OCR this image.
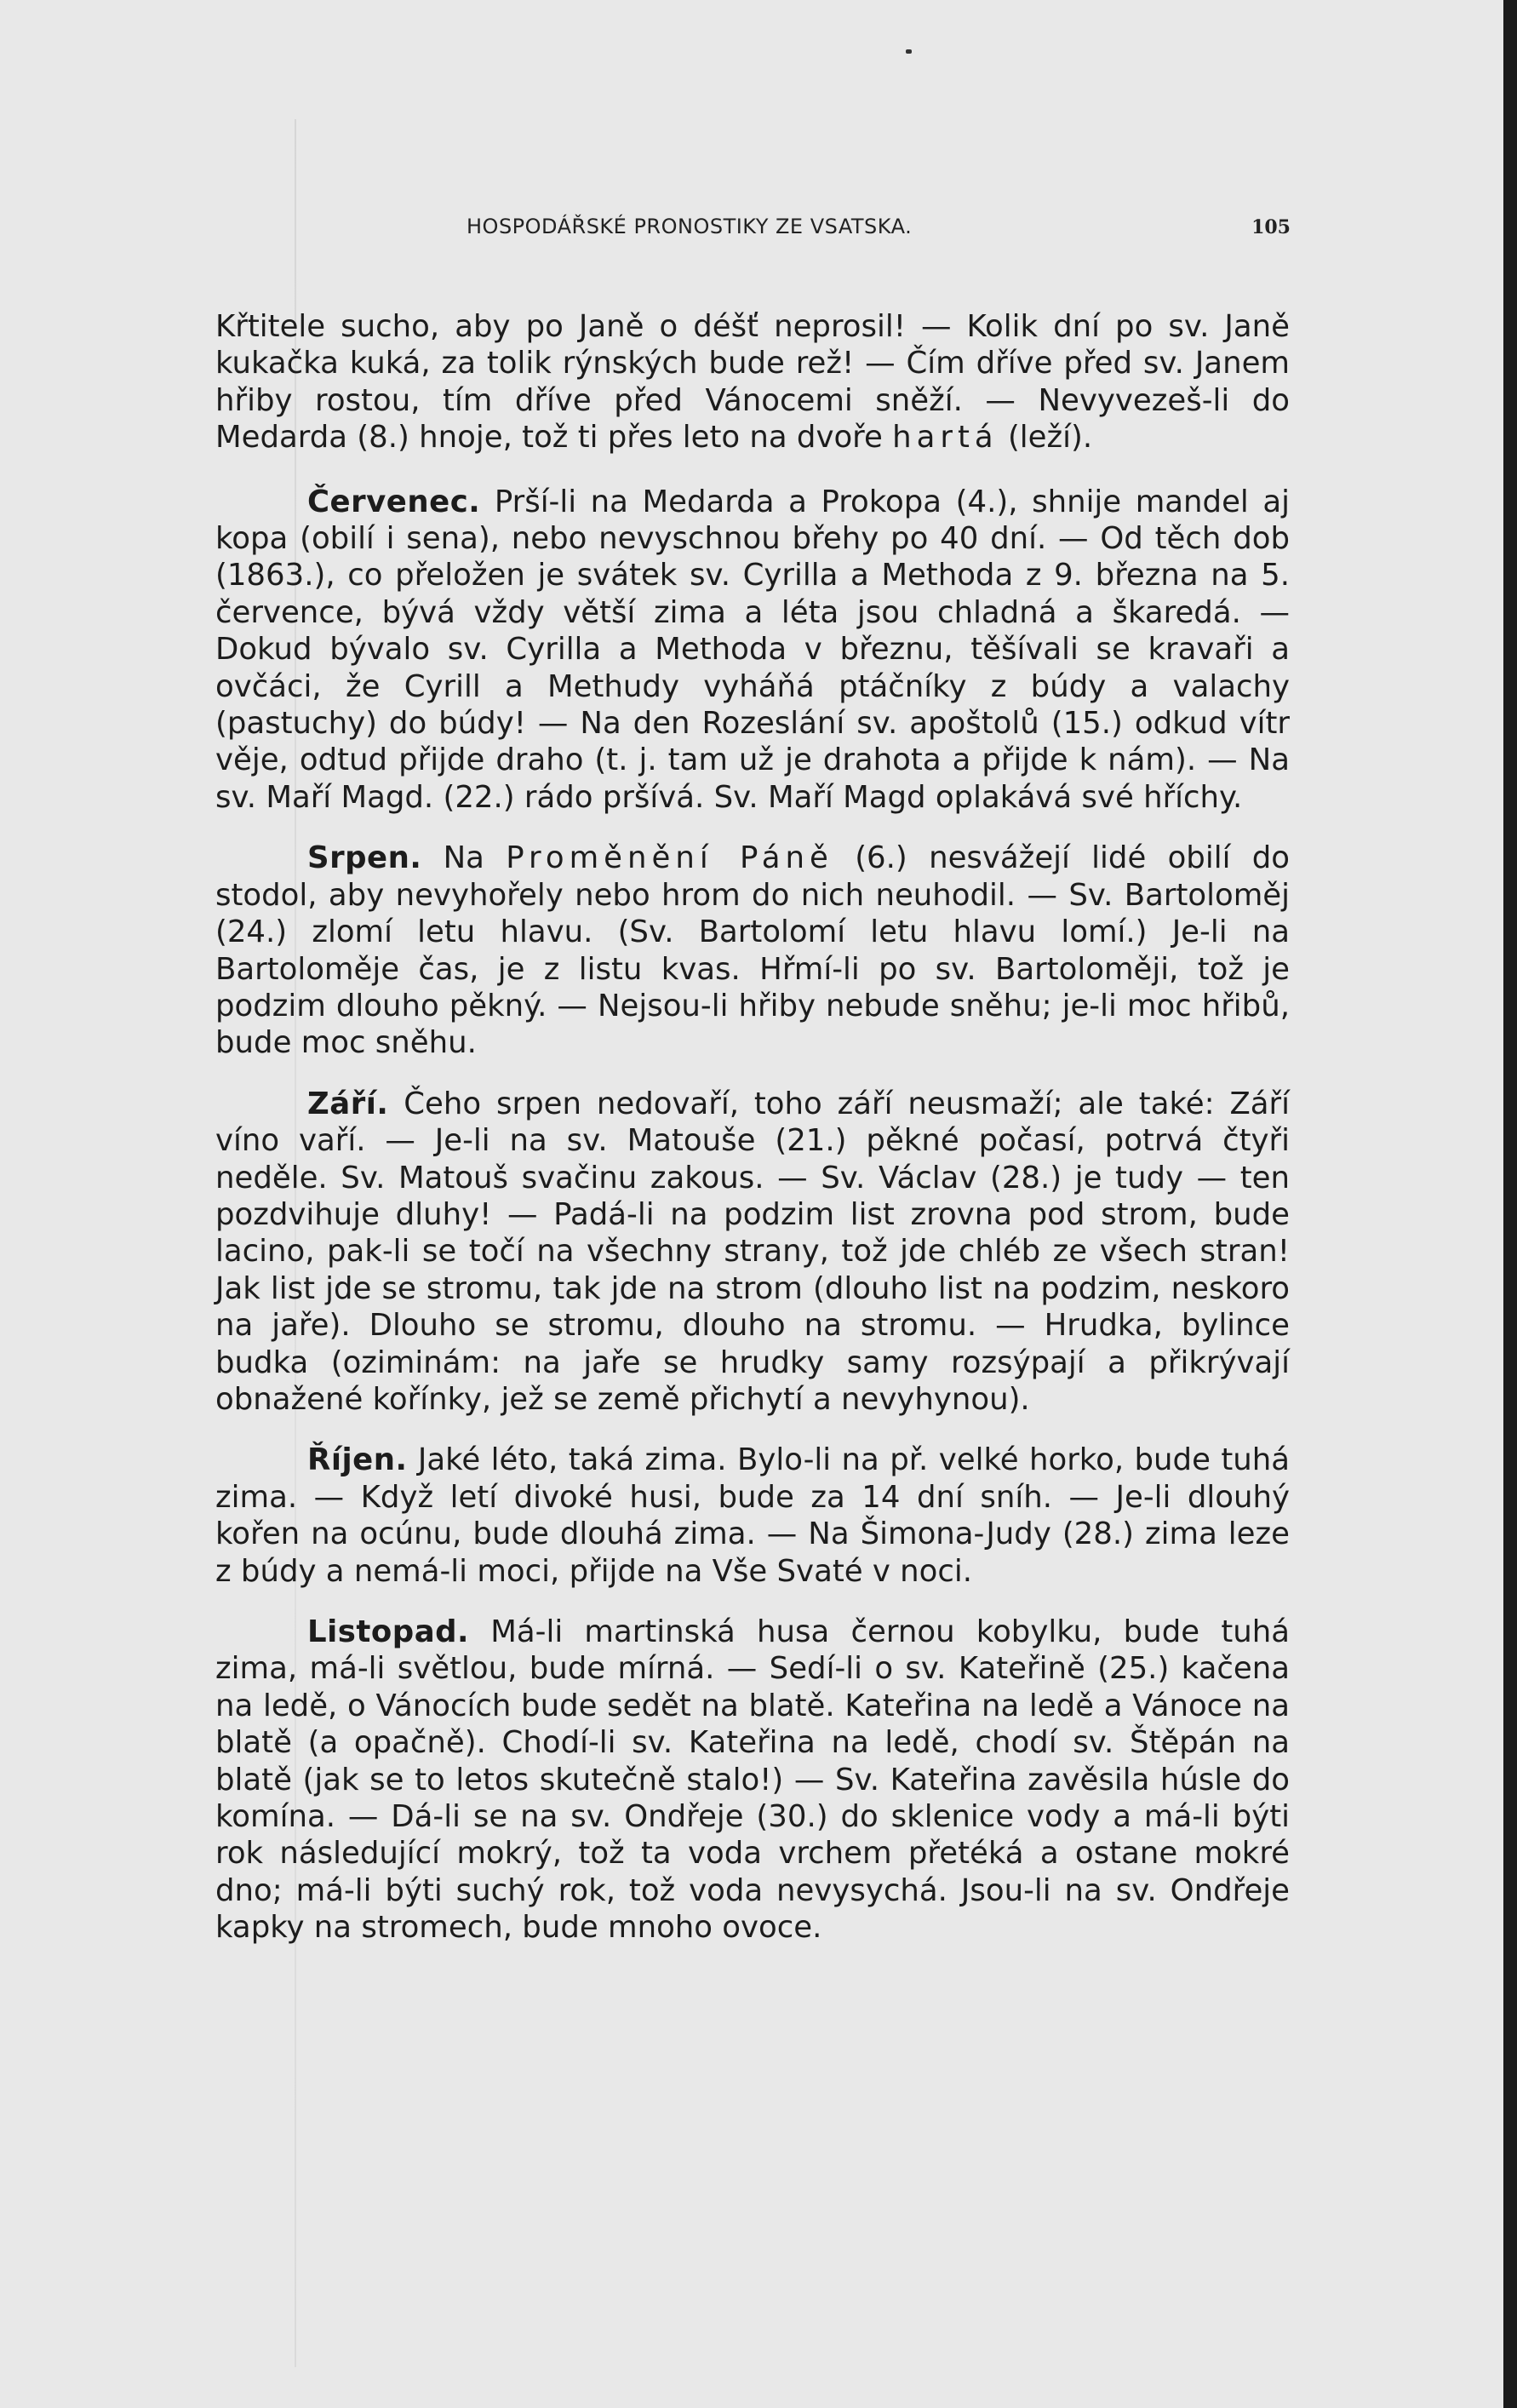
HOSPODÁŘSKÉ PRONOSTIKY ZE VSATSKA.	105

Křtitele sucho, aby po Janě o déšť neprosil! — Kolik dní po sv. Janě kukačka kuká, za tolik rýnských bude rež! — Čím dříve před sv. Janem hřiby rostou, tím dříve před Vánocemi sněží. — Nevyvezeš-li do Medarda (8.) hnoje, tož ti přes leto na dvoře hartá (leží).

Červenec. Prší-li na Medarda a Prokopa (4.), shnije mandel aj kopa (obilí i sena), nebo nevyschnou břehy po 40 dní. — Od těch dob (1863.), co přeložen je svátek sv. Cyrilla a Methoda z 9. března na 5. července, bývá vždy větší zima a léta jsou chladná a škaredá. — Dokud bývalo sv. Cyrilla a Methoda v březnu, těšívali se kravaři a ovčáci, že Cyrill a Methudy vyháňá ptáčníky z búdy a valachy (pastuchy) do búdy! — Na den Rozeslání sv. apoštolů (15.) odkud vítr věje, odtud přijde draho (t. j. tam už je drahota a přijde k nám). — Na sv. Maří Magd. (22.) rádo pršívá. Sv. Maří Magd oplakává své hříchy.

Srpen. Na Proměnění Páně (6.) nesvážejí lidé obilí do stodol, aby nevyhořely nebo hrom do nich neuhodil. — Sv. Bartoloměj (24.) zlomí letu hlavu. (Sv. Bartolomí letu hlavu lomí.) Je-li na Bartoloměje čas, je z listu kvas. Hřmí-li po sv. Bartoloměji, tož je podzim dlouho pěkný. — Nejsou-li hřiby nebude sněhu; je-li moc hřibů, bude moc sněhu.

Září. Čeho srpen nedovaří, toho září neusmaží; ale také: Září víno vaří. — Je-li na sv. Matouše (21.) pěkné počasí, potrvá čtyři neděle. Sv. Matouš svačinu zakous. — Sv. Václav (28.) je tudy — ten pozdvihuje dluhy! — Padá-li na podzim list zrovna pod strom, bude lacino, pak-li se točí na všechny strany, tož jde chléb ze všech stran! Jak list jde se stromu, tak jde na strom (dlouho list na podzim, neskoro na jaře). Dlouho se stromu, dlouho na stromu. — Hrudka, bylince budka (oziminám: na jaře se hrudky samy rozsýpají a přikrývají obnažené kořínky, jež se země přichytí a nevyhynou).

Říjen. Jaké léto, taká zima. Bylo-li na př. velké horko, bude tuhá zima. — Když letí divoké husi, bude za 14 dní sníh. — Je-li dlouhý kořen na ocúnu, bude dlouhá zima. — Na Šimona-Judy (28.) zima leze z búdy a nemá-li moci, přijde na Vše Svaté v noci.

Listopad. Má-li martinská husa černou kobylku, bude tuhá zima, má-li světlou, bude mírná. — Sedí-li o sv. Kateřině (25.) kačena na ledě, o Vánocích bude sedět na blatě. Kateřina na ledě a Vánoce na blatě (a opačně). Chodí-li sv. Kateřina na ledě, chodí sv. Štěpán na blatě (jak se to letos skutečně stalo!) — Sv. Kateřina zavěsila húsle do komína. — Dá-li se na sv. Ondřeje (30.) do sklenice vody a má-li býti rok následující mokrý, tož ta voda vrchem přetéká a ostane mokré dno; má-li býti suchý rok, tož voda nevysychá. Jsou-li na sv. Ondřeje kapky na stromech, bude mnoho ovoce.
